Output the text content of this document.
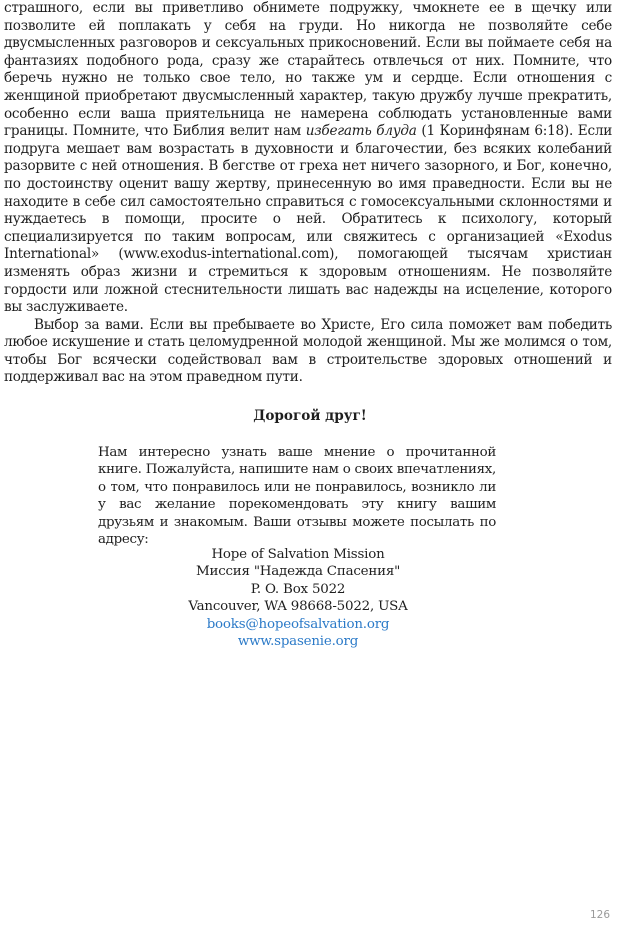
страшного, если вы приветливо обнимете подружку, чмокнете ее в щечку или позволите ей поплакать у себя на груди. Но никогда не позволяйте себе двусмысленных разговоров и сексуальных прикосновений. Если вы поймаете себя на фантазиях подобного рода, сразу же старайтесь отвлечься от них. Помните, что беречь нужно не только свое тело, но также ум и сердце. Если отношения с женщиной приобретают двусмысленный характер, такую дружбу лучше прекратить, особенно если ваша приятельница не намерена соблюдать установленные вами границы. Помните, что Библия велит нам избегать блуда (1 Коринфянам 6:18). Если подруга мешает вам возрастать в духовности и благочестии, без всяких колебаний разорвите с ней отношения. В бегстве от греха нет ничего зазорного, и Бог, конечно, по достоинству оценит вашу жертву, принесенную во имя праведности. Если вы не находите в себе сил самостоятельно справиться с гомосексуальными склонностями и нуждаетесь в помощи, просите о ней. Обратитесь к психологу, который специализируется по таким вопросам, или свяжитесь с организацией «Exodus International» (www.exodus-international.com), помогающей тысячам христиан изменять образ жизни и стремиться к здоровым отношениям. Не позволяйте гордости или ложной стеснительности лишать вас надежды на исцеление, которого вы заслуживаете.

Выбор за вами. Если вы пребываете во Христе, Его сила поможет вам победить любое искушение и стать целомудренной молодой женщиной. Мы же молимся о том, чтобы Бог всячески содействовал вам в строительстве здоровых отношений и поддерживал вас на этом праведном пути.

Дорогой друг!

Нам интересно узнать ваше мнение о прочитанной книге. Пожалуйста, напишите нам о своих впечатлениях, о том, что понравилось или не понравилось, возникло ли у вас желание порекомендовать эту книгу вашим друзьям и знакомым. Ваши отзывы можете посылать по адресу:

Hope of Salvation Mission
Миссия "Надежда Спасения"
P. O. Box 5022
Vancouver, WA 98668-5022, USA
books@hopeofsalvation.org
www.spasenie.org
126
